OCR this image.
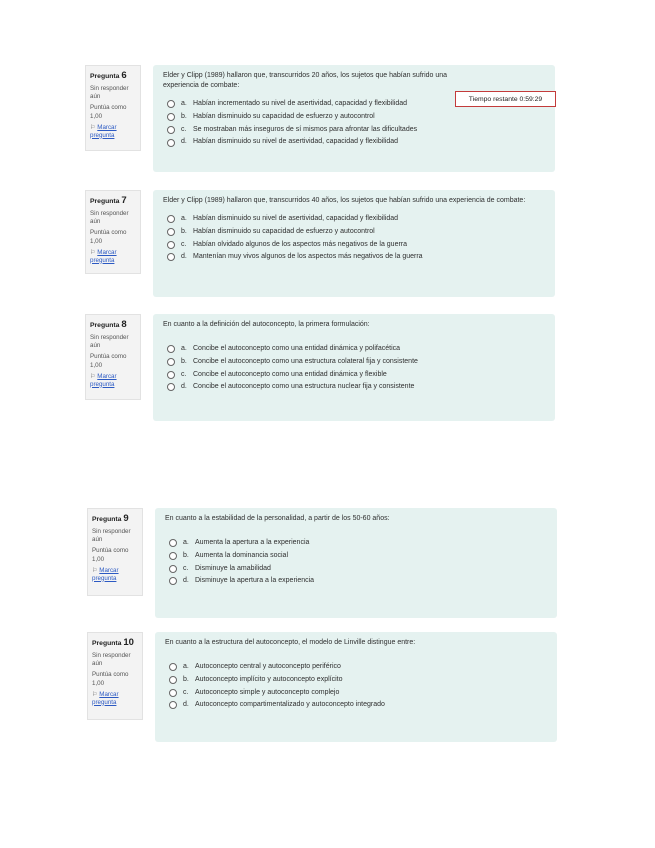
Pregunta 6
Sin responder aún
Puntúa como 1,00
⚐ Marcar pregunta
Elder y Clipp (1989) hallaron que, transcurridos 20 años, los sujetos que habían sufrido una experiencia de combate:
a. Habían incrementado su nivel de asertividad, capacidad y flexibilidad
b. Habían disminuido su capacidad de esfuerzo y autocontrol
c. Se mostraban más inseguros de sí mismos para afrontar las dificultades
d. Habían disminuido su nivel de asertividad, capacidad y flexibilidad
Tiempo restante 0:59:29
Pregunta 7
Sin responder aún
Puntúa como 1,00
⚐ Marcar pregunta
Elder y Clipp (1989) hallaron que, transcurridos 40 años, los sujetos que habían sufrido una experiencia de combate:
a. Habían disminuido su nivel de asertividad, capacidad y flexibilidad
b. Habían disminuido su capacidad de esfuerzo y autocontrol
c. Habían olvidado algunos de los aspectos más negativos de la guerra
d. Mantenían muy vivos algunos de los aspectos más negativos de la guerra
Pregunta 8
Sin responder aún
Puntúa como 1,00
⚐ Marcar pregunta
En cuanto a la definición del autoconcepto, la primera formulación:
a. Concibe el autoconcepto como una entidad dinámica y polifacética
b. Concibe el autoconcepto como una estructura colateral fija y consistente
c. Concibe el autoconcepto como una entidad dinámica y flexible
d. Concibe el autoconcepto como una estructura nuclear fija y consistente
Pregunta 9
Sin responder aún
Puntúa como 1,00
⚐ Marcar pregunta
En cuanto a la estabilidad de la personalidad, a partir de los 50-60 años:
a. Aumenta la apertura a la experiencia
b. Aumenta la dominancia social
c. Disminuye la amabilidad
d. Disminuye la apertura a la experiencia
Pregunta 10
Sin responder aún
Puntúa como 1,00
⚐ Marcar pregunta
En cuanto a la estructura del autoconcepto, el modelo de Linville distingue entre:
a. Autoconcepto central y autoconcepto periférico
b. Autoconcepto implícito y autoconcepto explícito
c. Autoconcepto simple y autoconcepto complejo
d. Autoconcepto compartimentalizado y autoconcepto integrado
